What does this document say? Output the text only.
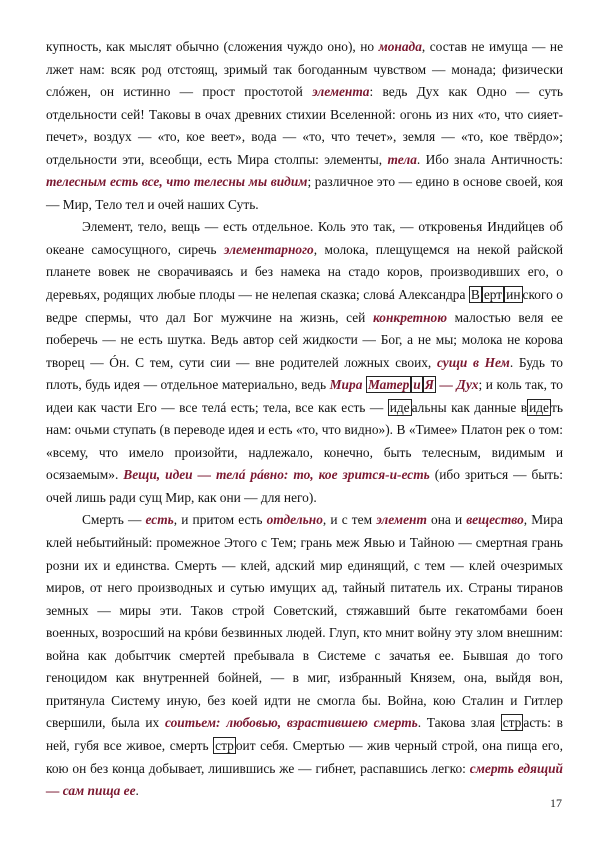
купность, как мыслят обычно (сложения чуждо оно), но монада, состав не имуща — не лжет нам: всяк род отстоящ, зримый так богоданным чувством — монада; физически слóжен, он истинно — прост простотой элемента: ведь Дух как Одно — суть отдельности сей! Таковы в очах древних стихии Вселенной: огонь из них «то, что сияет-печет», воздух — «то, кое веет», вода — «то, что течет», земля — «то, кое твёрдо»; отдельности эти, всеобщи, есть Мира столпы: элементы, тела. Ибо знала Античность: телесным есть все, что телесны мы видим; различное это — едино в основе своей, коя — Мир, Тело тел и очей наших Суть.

Элемент, тело, вещь — есть отдельное. Коль это так, — откровенья Индийцев об океане самосущного, сиречь элементарного, молока, плещущемся на некой райской планете вовек не сворачиваясь и без намека на стадо коров, производивших его, о деревьях, родящих любые плоды — не нелепая сказка; словá Александра В ерт ин ского о ведре спермы, что дал Бог мужчине на жизнь, сей конкретною малостью веля ее поберечь — не есть шутка. Ведь автор сей жидкости — Бог, а не мы; молока не корова творец — Óн. С тем, сути сии — вне родителей ложных своих, сущи в Нем. Будь то плоть, будь идея — отдельное материально, ведь Мира Матер и Я — Дух; и коль так, то идеи как части Его — все телá есть; тела, все как есть — иде альны как данные в иде ть нам: очьми ступать (в переводе идея и есть «то, что видно»). В «Тимее» Платон рек о том: «всему, что имело произойти, надлежало, конечно, быть телесным, видимым и осязаемым». Вещи, идеи — телá рáвно: то, кое зрится-и-есть (ибо зриться — быть: очей лишь ради сущ Мир, как они — для него).

Смерть — есть, и притом есть отдельно, и с тем элемент она и вещество, Мира клей небытийный: промежное Этого с Тем; грань меж Явью и Тайною — смертная грань розни их и единства. Смерть — клей, адский мир единящий, с тем — клей очезримых миров, от него производных и сутью имущих ад, тайный питатель их. Страны тиранов земных — миры эти. Таков строй Советский, стяжавший быте гекатомбами боен военных, возросший на крóви безвинных людей. Глуп, кто мнит войну эту злом внешним: война как добытчик смертей пребывала в Системе с зачатья ее. Бывшая до того геноцидом как внутренней бойней, — в миг, избранный Князем, она, выйдя вон, притянула Систему иную, без коей идти не смогла бы. Война, кою Сталин и Гитлер свершили, была их соитьем: любовью, взрастившею смерть. Такова злая стр асть: в ней, губя все живое, смерть стр оит себя. Смертью — жив черный строй, она пища его, кою он без конца добывает, лишившись же — гибнет, распавшись легко: смерть едящий — сам пища ее.

17
